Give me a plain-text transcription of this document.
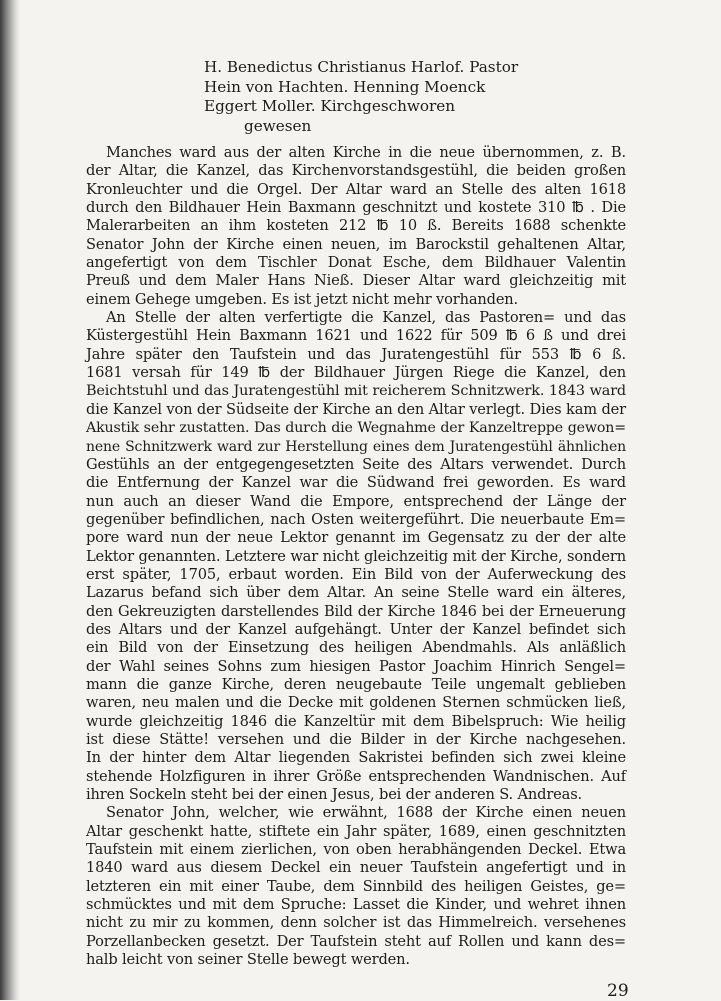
H. Benedictus Christianus Harlof. Pastor
Hein von Hachten. Henning Moenck
Eggert Moller. Kirchgeschworen
gewesen
Manches ward aus der alten Kirche in die neue übernommen, z. B.
der Altar, die Kanzel, das Kirchenvorstandsgestühl, die beiden großen
Kronleuchter und die Orgel. Der Altar ward an Stelle des alten 1618
durch den Bildhauer Hein Baxmann geschnitzt und kostete 310 ℔ . Die
Malerarbeiten an ihm kosteten 212 ℔ 10 ß. Bereits 1688 schenkte
Senator John der Kirche einen neuen, im Barockstil gehaltenen Altar,
angefertigt von dem Tischler Donat Esche, dem Bildhauer Valentin
Preuß und dem Maler Hans Nieß. Dieser Altar ward gleichzeitig mit
einem Gehege umgeben. Es ist jetzt nicht mehr vorhanden.
An Stelle der alten verfertigte die Kanzel, das Pastoren= und das
Küstergestühl Hein Baxmann 1621 und 1622 für 509 ℔ 6 ß und drei
Jahre später den Taufstein und das Juratengestühl für 553 ℔ 6 ß.
1681 versah für 149 ℔ der Bildhauer Jürgen Riege die Kanzel, den
Beichtstuhl und das Juratengestühl mit reicherem Schnitzwerk. 1843 ward
die Kanzel von der Südseite der Kirche an den Altar verlegt. Dies kam der
Akustik sehr zustatten. Das durch die Wegnahme der Kanzeltreppe gewon=
nene Schnitzwerk ward zur Herstellung eines dem Juratengestühl ähnlichen
Gestühls an der entgegengesetzten Seite des Altars verwendet. Durch
die Entfernung der Kanzel war die Südwand frei geworden. Es ward
nun auch an dieser Wand die Empore, entsprechend der Länge der
gegenüber befindlichen, nach Osten weitergeführt. Die neuerbaute Em=
pore ward nun der neue Lektor genannt im Gegensatz zu der der alte
Lektor genannten. Letztere war nicht gleichzeitig mit der Kirche, sondern
erst später, 1705, erbaut worden. Ein Bild von der Auferweckung des
Lazarus befand sich über dem Altar. An seine Stelle ward ein älteres,
den Gekreuzigten darstellendes Bild der Kirche 1846 bei der Erneuerung
des Altars und der Kanzel aufgehängt. Unter der Kanzel befindet sich
ein Bild von der Einsetzung des heiligen Abendmahls. Als anläßlich
der Wahl seines Sohns zum hiesigen Pastor Joachim Hinrich Sengel=
mann die ganze Kirche, deren neugebaute Teile ungemalt geblieben
waren, neu malen und die Decke mit goldenen Sternen schmücken ließ,
wurde gleichzeitig 1846 die Kanzeltür mit dem Bibelspruch: Wie heilig
ist diese Stätte! versehen und die Bilder in der Kirche nachgesehen.
In der hinter dem Altar liegenden Sakristei befinden sich zwei kleine
stehende Holzfiguren in ihrer Größe entsprechenden Wandnischen. Auf
ihren Sockeln steht bei der einen Jesus, bei der anderen S. Andreas.
Senator John, welcher, wie erwähnt, 1688 der Kirche einen neuen
Altar geschenkt hatte, stiftete ein Jahr später, 1689, einen geschnitzten
Taufstein mit einem zierlichen, von oben herabhängenden Deckel. Etwa
1840 ward aus diesem Deckel ein neuer Taufstein angefertigt und in
letzteren ein mit einer Taube, dem Sinnbild des heiligen Geistes, ge=
schmücktes und mit dem Spruche: Lasset die Kinder, und wehret ihnen
nicht zu mir zu kommen, denn solcher ist das Himmelreich. versehenes
Porzellanbecken gesetzt. Der Taufstein steht auf Rollen und kann des=
halb leicht von seiner Stelle bewegt werden.
29
